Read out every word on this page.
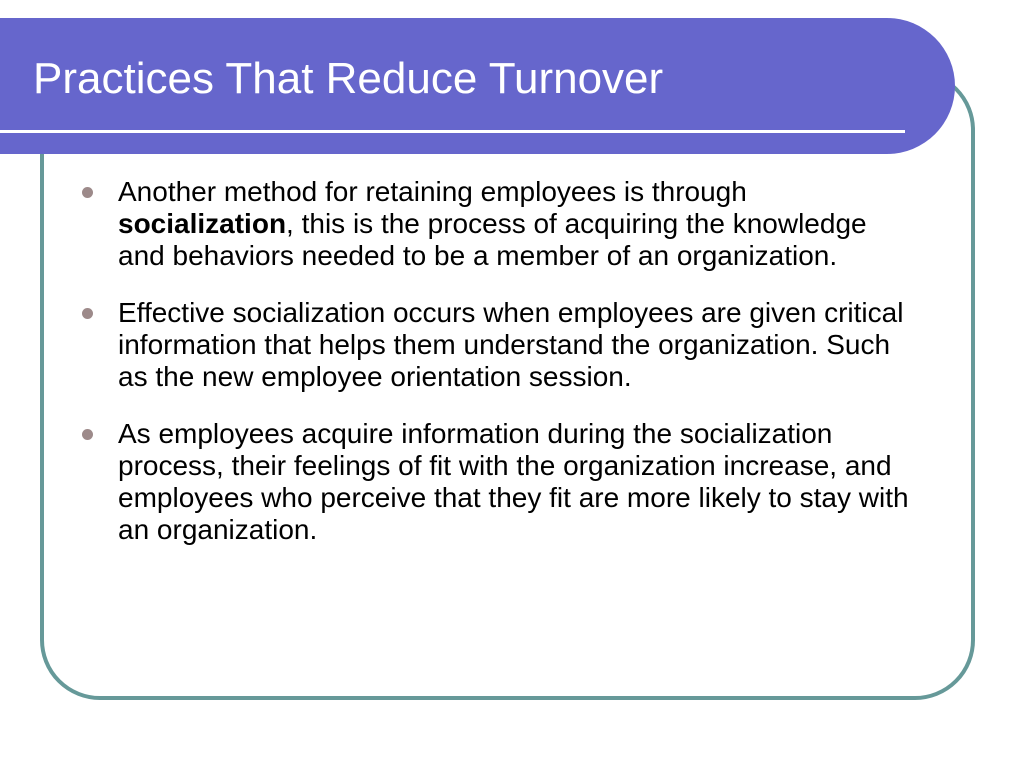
Practices That Reduce Turnover
Another method for retaining employees is through socialization, this is the process of acquiring the knowledge and behaviors needed to be a member of an organization.
Effective socialization occurs when employees are given critical information that helps them understand the organization. Such as the new employee orientation session.
As employees acquire information during the socialization process, their feelings of fit with the organization increase, and employees who perceive that they fit are more likely to stay with an organization.
